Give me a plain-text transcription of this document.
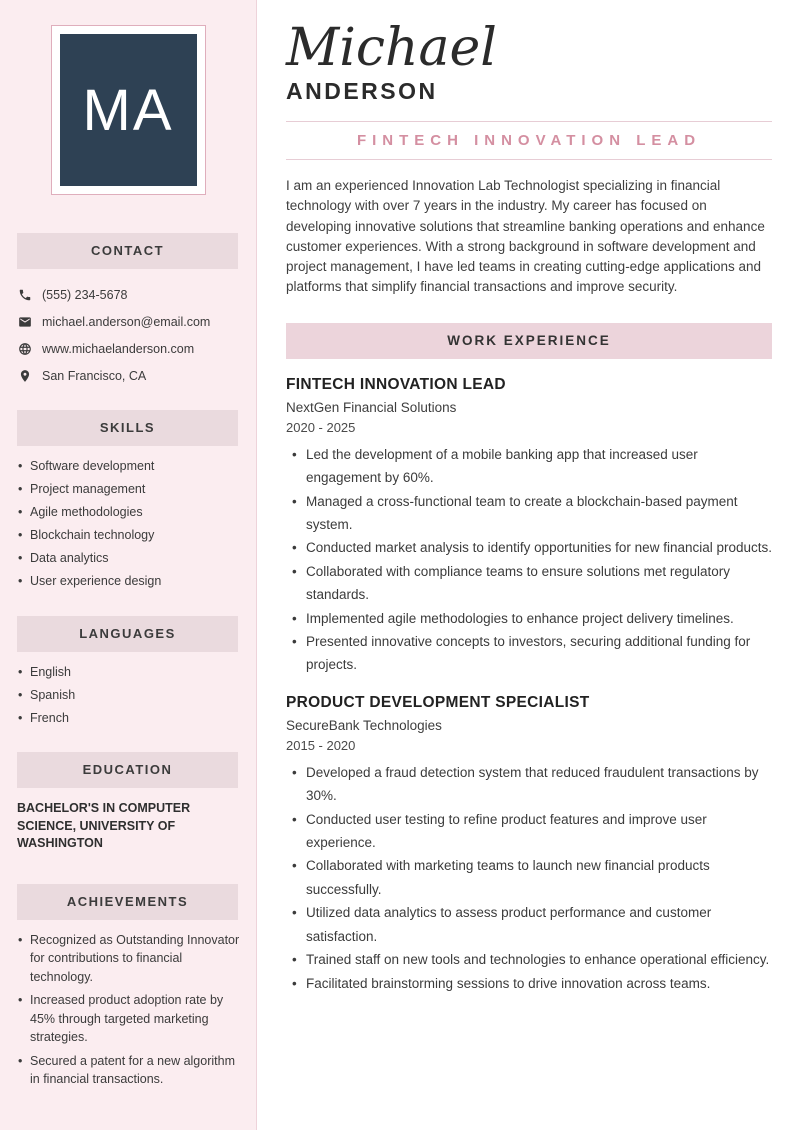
MA
CONTACT
(555) 234-5678
michael.anderson@email.com
www.michaelanderson.com
San Francisco, CA
SKILLS
• Software development
• Project management
• Agile methodologies
• Blockchain technology
• Data analytics
• User experience design
LANGUAGES
• English
• Spanish
• French
EDUCATION
BACHELOR'S IN COMPUTER SCIENCE, UNIVERSITY OF WASHINGTON
ACHIEVEMENTS
• Recognized as Outstanding Innovator for contributions to financial technology.
• Increased product adoption rate by 45% through targeted marketing strategies.
• Secured a patent for a new algorithm in financial transactions.
Michael
ANDERSON
FINTECH INNOVATION LEAD

I am an experienced Innovation Lab Technologist specializing in financial technology with over 7 years in the industry. My career has focused on developing innovative solutions that streamline banking operations and enhance customer experiences. With a strong background in software development and project management, I have led teams in creating cutting-edge applications and platforms that simplify financial transactions and improve security.

WORK EXPERIENCE
FINTECH INNOVATION LEAD
NextGen Financial Solutions
2020 - 2025
• Led the development of a mobile banking app that increased user engagement by 60%.
• Managed a cross-functional team to create a blockchain-based payment system.
• Conducted market analysis to identify opportunities for new financial products.
• Collaborated with compliance teams to ensure solutions met regulatory standards.
• Implemented agile methodologies to enhance project delivery timelines.
• Presented innovative concepts to investors, securing additional funding for projects.
PRODUCT DEVELOPMENT SPECIALIST
SecureBank Technologies
2015 - 2020
• Developed a fraud detection system that reduced fraudulent transactions by 30%.
• Conducted user testing to refine product features and improve user experience.
• Collaborated with marketing teams to launch new financial products successfully.
• Utilized data analytics to assess product performance and customer satisfaction.
• Trained staff on new tools and technologies to enhance operational efficiency.
• Facilitated brainstorming sessions to drive innovation across teams.
